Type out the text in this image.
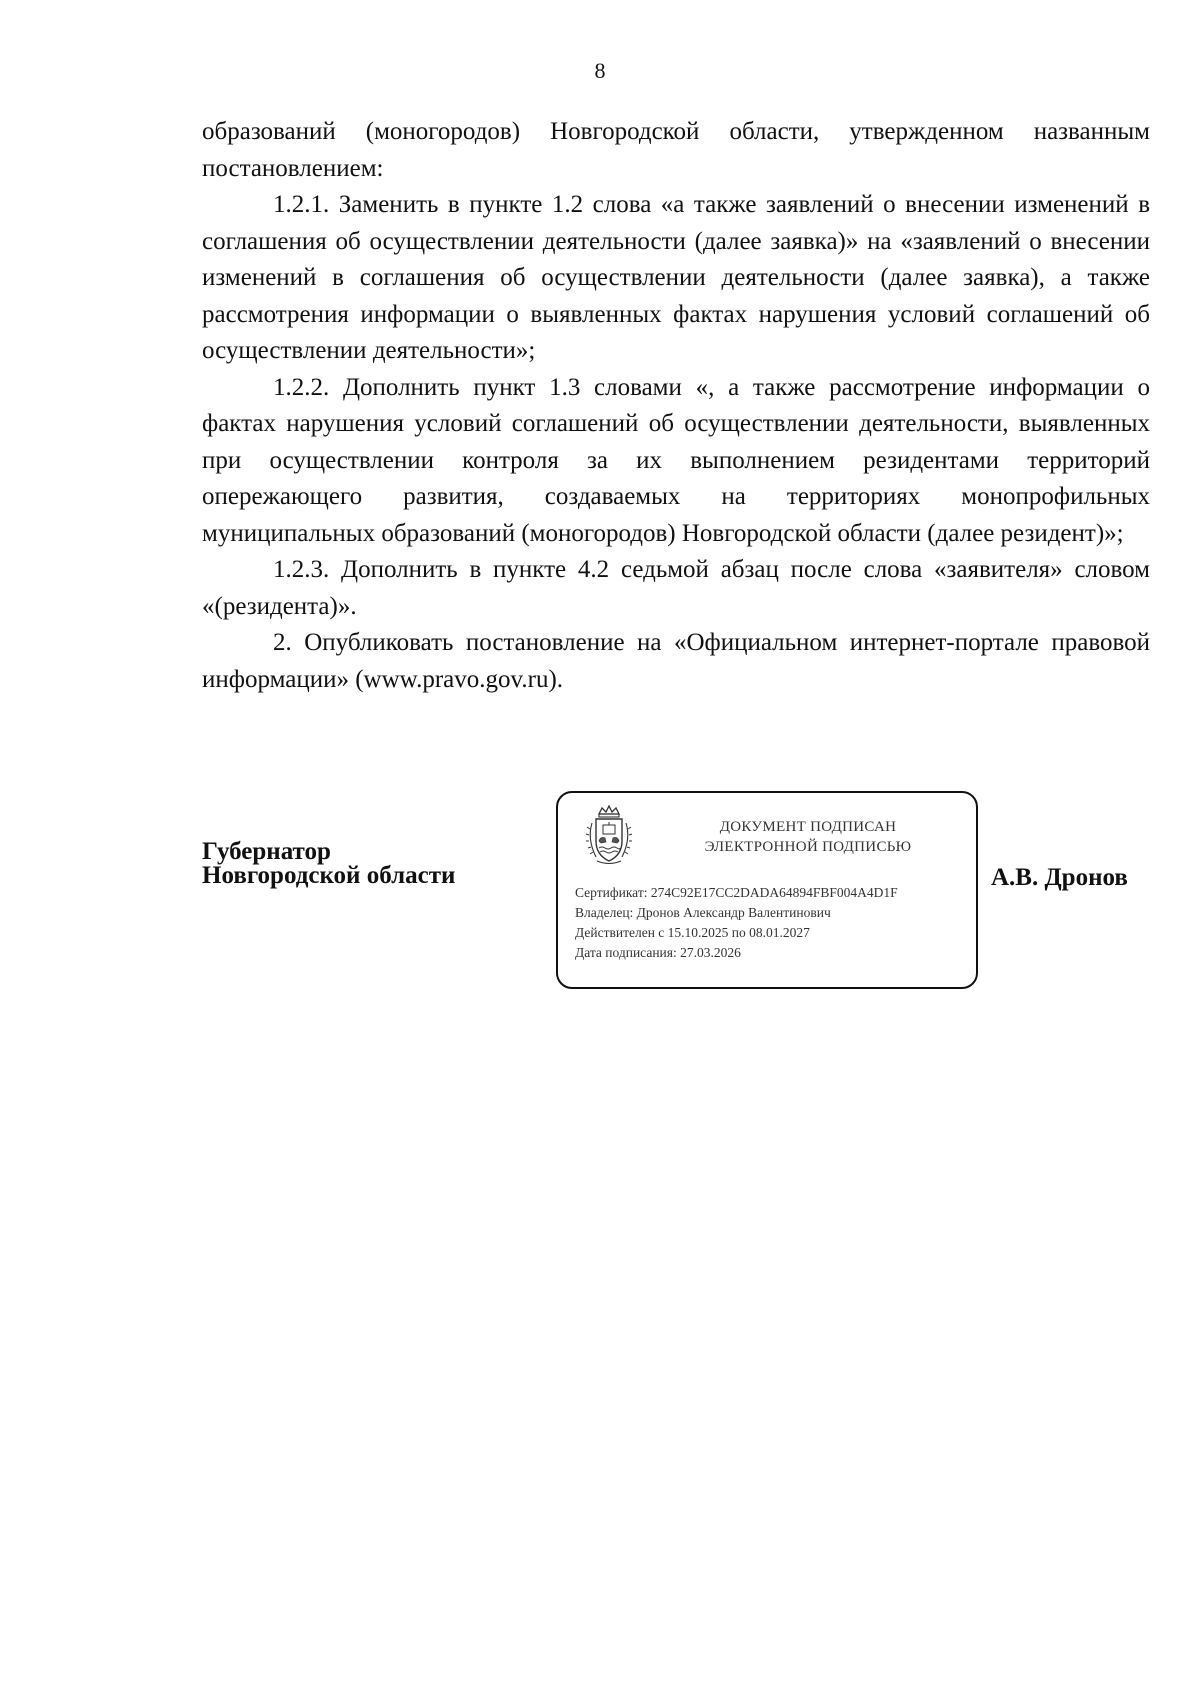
8

образований (моногородов) Новгородской области, утвержденном названным постановлением:

1.2.1. Заменить в пункте 1.2 слова «а также заявлений о внесении изменений в соглашения об осуществлении деятельности (далее заявка)» на «заявлений о внесении изменений в соглашения об осуществлении деятельности (далее заявка), а также рассмотрения информации о выявленных фактах нарушения условий соглашений об осуществлении деятельности»;

1.2.2. Дополнить пункт 1.3 словами «, а также рассмотрение информации о фактах нарушения условий соглашений об осуществлении деятельности, выявленных при осуществлении контроля за их выполнением резидентами территорий опережающего развития, создаваемых на территориях монопрофильных муниципальных образований (моногородов) Новгородской области (далее резидент)»;

1.2.3. Дополнить в пункте 4.2 седьмой абзац после слова «заявителя» словом «(резидента)».

2. Опубликовать постановление на «Официальном интернет-портале правовой информации» (www.pravo.gov.ru).

Губернатор
Новгородской области
ДОКУМЕНТ ПОДПИСАН
ЭЛЕКТРОННОЙ ПОДПИСЬЮ
Сертификат: 274C92E17CC2DADA64894FBF004A4D1F
Владелец: Дронов Александр Валентинович
Действителен с 15.10.2025 по 08.01.2027
Дата подписания: 27.03.2026
А.В. Дронов
